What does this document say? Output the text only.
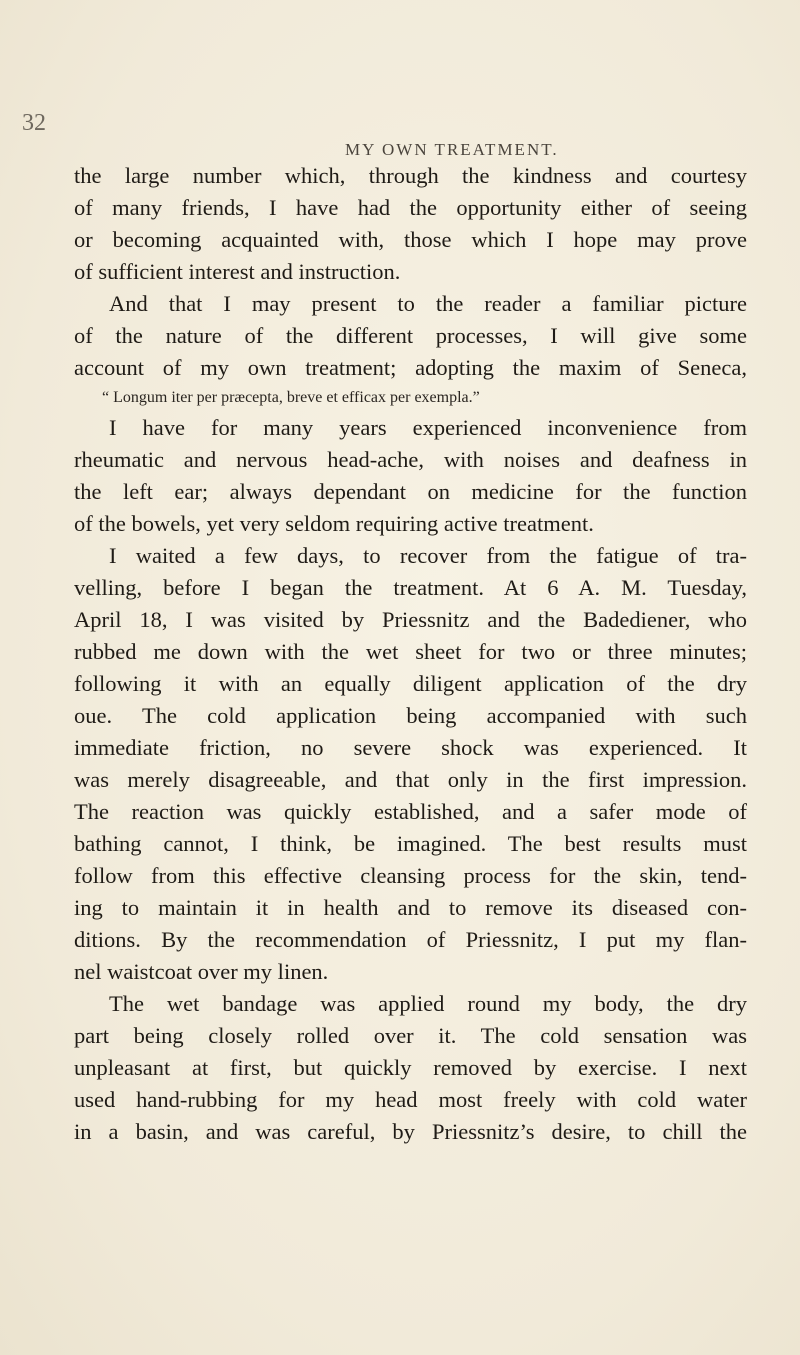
32
MY OWN TREATMENT.
the large number which, through the kindness and courtesy
of many friends, I have had the opportunity either of seeing
or becoming acquainted with, those which I hope may prove
of sufficient interest and instruction.
And that I may present to the reader a familiar picture
of the nature of the different processes, I will give some
account of my own treatment; adopting the maxim of Seneca,
“ Longum iter per præcepta, breve et efficax per exempla.”
I have for many years experienced inconvenience from
rheumatic and nervous head-ache, with noises and deafness in
the left ear; always dependant on medicine for the function
of the bowels, yet very seldom requiring active treatment.
I waited a few days, to recover from the fatigue of tra-
velling, before I began the treatment. At 6 A. M. Tuesday,
April 18, I was visited by Priessnitz and the Badediener, who
rubbed me down with the wet sheet for two or three minutes;
following it with an equally diligent application of the dry
oue. The cold application being accompanied with such
immediate friction, no severe shock was experienced. It
was merely disagreeable, and that only in the first impression.
The reaction was quickly established, and a safer mode of
bathing cannot, I think, be imagined. The best results must
follow from this effective cleansing process for the skin, tend-
ing to maintain it in health and to remove its diseased con-
ditions. By the recommendation of Priessnitz, I put my flan-
nel waistcoat over my linen.
The wet bandage was applied round my body, the dry
part being closely rolled over it. The cold sensation was
unpleasant at first, but quickly removed by exercise. I next
used hand-rubbing for my head most freely with cold water
in a basin, and was careful, by Priessnitz’s desire, to chill the
